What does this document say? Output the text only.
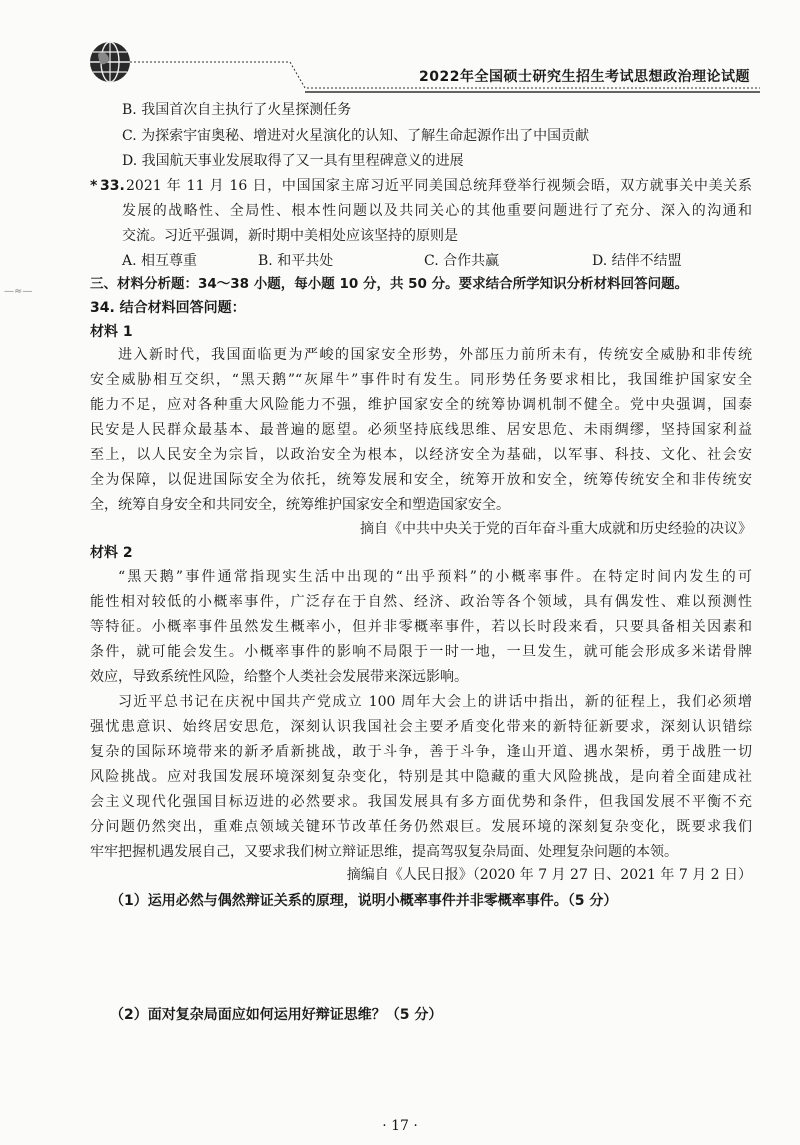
2022年全国硕士研究生招生考试思想政治理论试题
B. 我国首次自主执行了火星探测任务
C. 为探索宇宙奥秘、增进对火星演化的认知、了解生命起源作出了中国贡献
D. 我国航天事业发展取得了又一具有里程碑意义的进展
* 33. 2021 年 11 月 16 日，中国国家主席习近平同美国总统拜登举行视频会晤，双方就事关中美关系
发展的战略性、全局性、根本性问题以及共同关心的其他重要问题进行了充分、深入的沟通和
交流。习近平强调，新时期中美相处应该坚持的原则是
A. 相互尊重	B. 和平共处	C. 合作共赢	D. 结伴不结盟
—≈—	三、材料分析题：34～38 小题，每小题 10 分，共 50 分。要求结合所学知识分析材料回答问题。
34. 结合材料回答问题：
材料 1
进入新时代，我国面临更为严峻的国家安全形势，外部压力前所未有，传统安全威胁和非传统
安全威胁相互交织，“黑天鹅”“灰犀牛”事件时有发生。同形势任务要求相比，我国维护国家安全
能力不足，应对各种重大风险能力不强，维护国家安全的统筹协调机制不健全。党中央强调，国泰
民安是人民群众最基本、最普遍的愿望。必须坚持底线思维、居安思危、未雨绸缪，坚持国家利益
至上，以人民安全为宗旨，以政治安全为根本，以经济安全为基础，以军事、科技、文化、社会安
全为保障，以促进国际安全为依托，统筹发展和安全，统筹开放和安全，统筹传统安全和非传统安
全，统筹自身安全和共同安全，统筹维护国家安全和塑造国家安全。
摘自《中共中央关于党的百年奋斗重大成就和历史经验的决议》
材料 2
“黑天鹅”事件通常指现实生活中出现的“出乎预料”的小概率事件。在特定时间内发生的可
能性相对较低的小概率事件，广泛存在于自然、经济、政治等各个领域，具有偶发性、难以预测性
等特征。小概率事件虽然发生概率小，但并非零概率事件，若以长时段来看，只要具备相关因素和
条件，就可能会发生。小概率事件的影响不局限于一时一地，一旦发生，就可能会形成多米诺骨牌
效应，导致系统性风险，给整个人类社会发展带来深远影响。
习近平总书记在庆祝中国共产党成立 100 周年大会上的讲话中指出，新的征程上，我们必须增
强忧患意识、始终居安思危，深刻认识我国社会主要矛盾变化带来的新特征新要求，深刻认识错综
复杂的国际环境带来的新矛盾新挑战，敢于斗争，善于斗争，逢山开道、遇水架桥，勇于战胜一切
风险挑战。应对我国发展环境深刻复杂变化，特别是其中隐藏的重大风险挑战，是向着全面建成社
会主义现代化强国目标迈进的必然要求。我国发展具有多方面优势和条件，但我国发展不平衡不充
分问题仍然突出，重难点领域关键环节改革任务仍然艰巨。发展环境的深刻复杂变化，既要求我们
牢牢把握机遇发展自己，又要求我们树立辩证思维，提高驾驭复杂局面、处理复杂问题的本领。
摘编自《人民日报》（2020 年 7 月 27 日、2021 年 7 月 2 日）
（1）运用必然与偶然辩证关系的原理，说明小概率事件并非零概率事件。（5 分）
（2）面对复杂局面应如何运用好辩证思维？（5 分）
· 17 ·
